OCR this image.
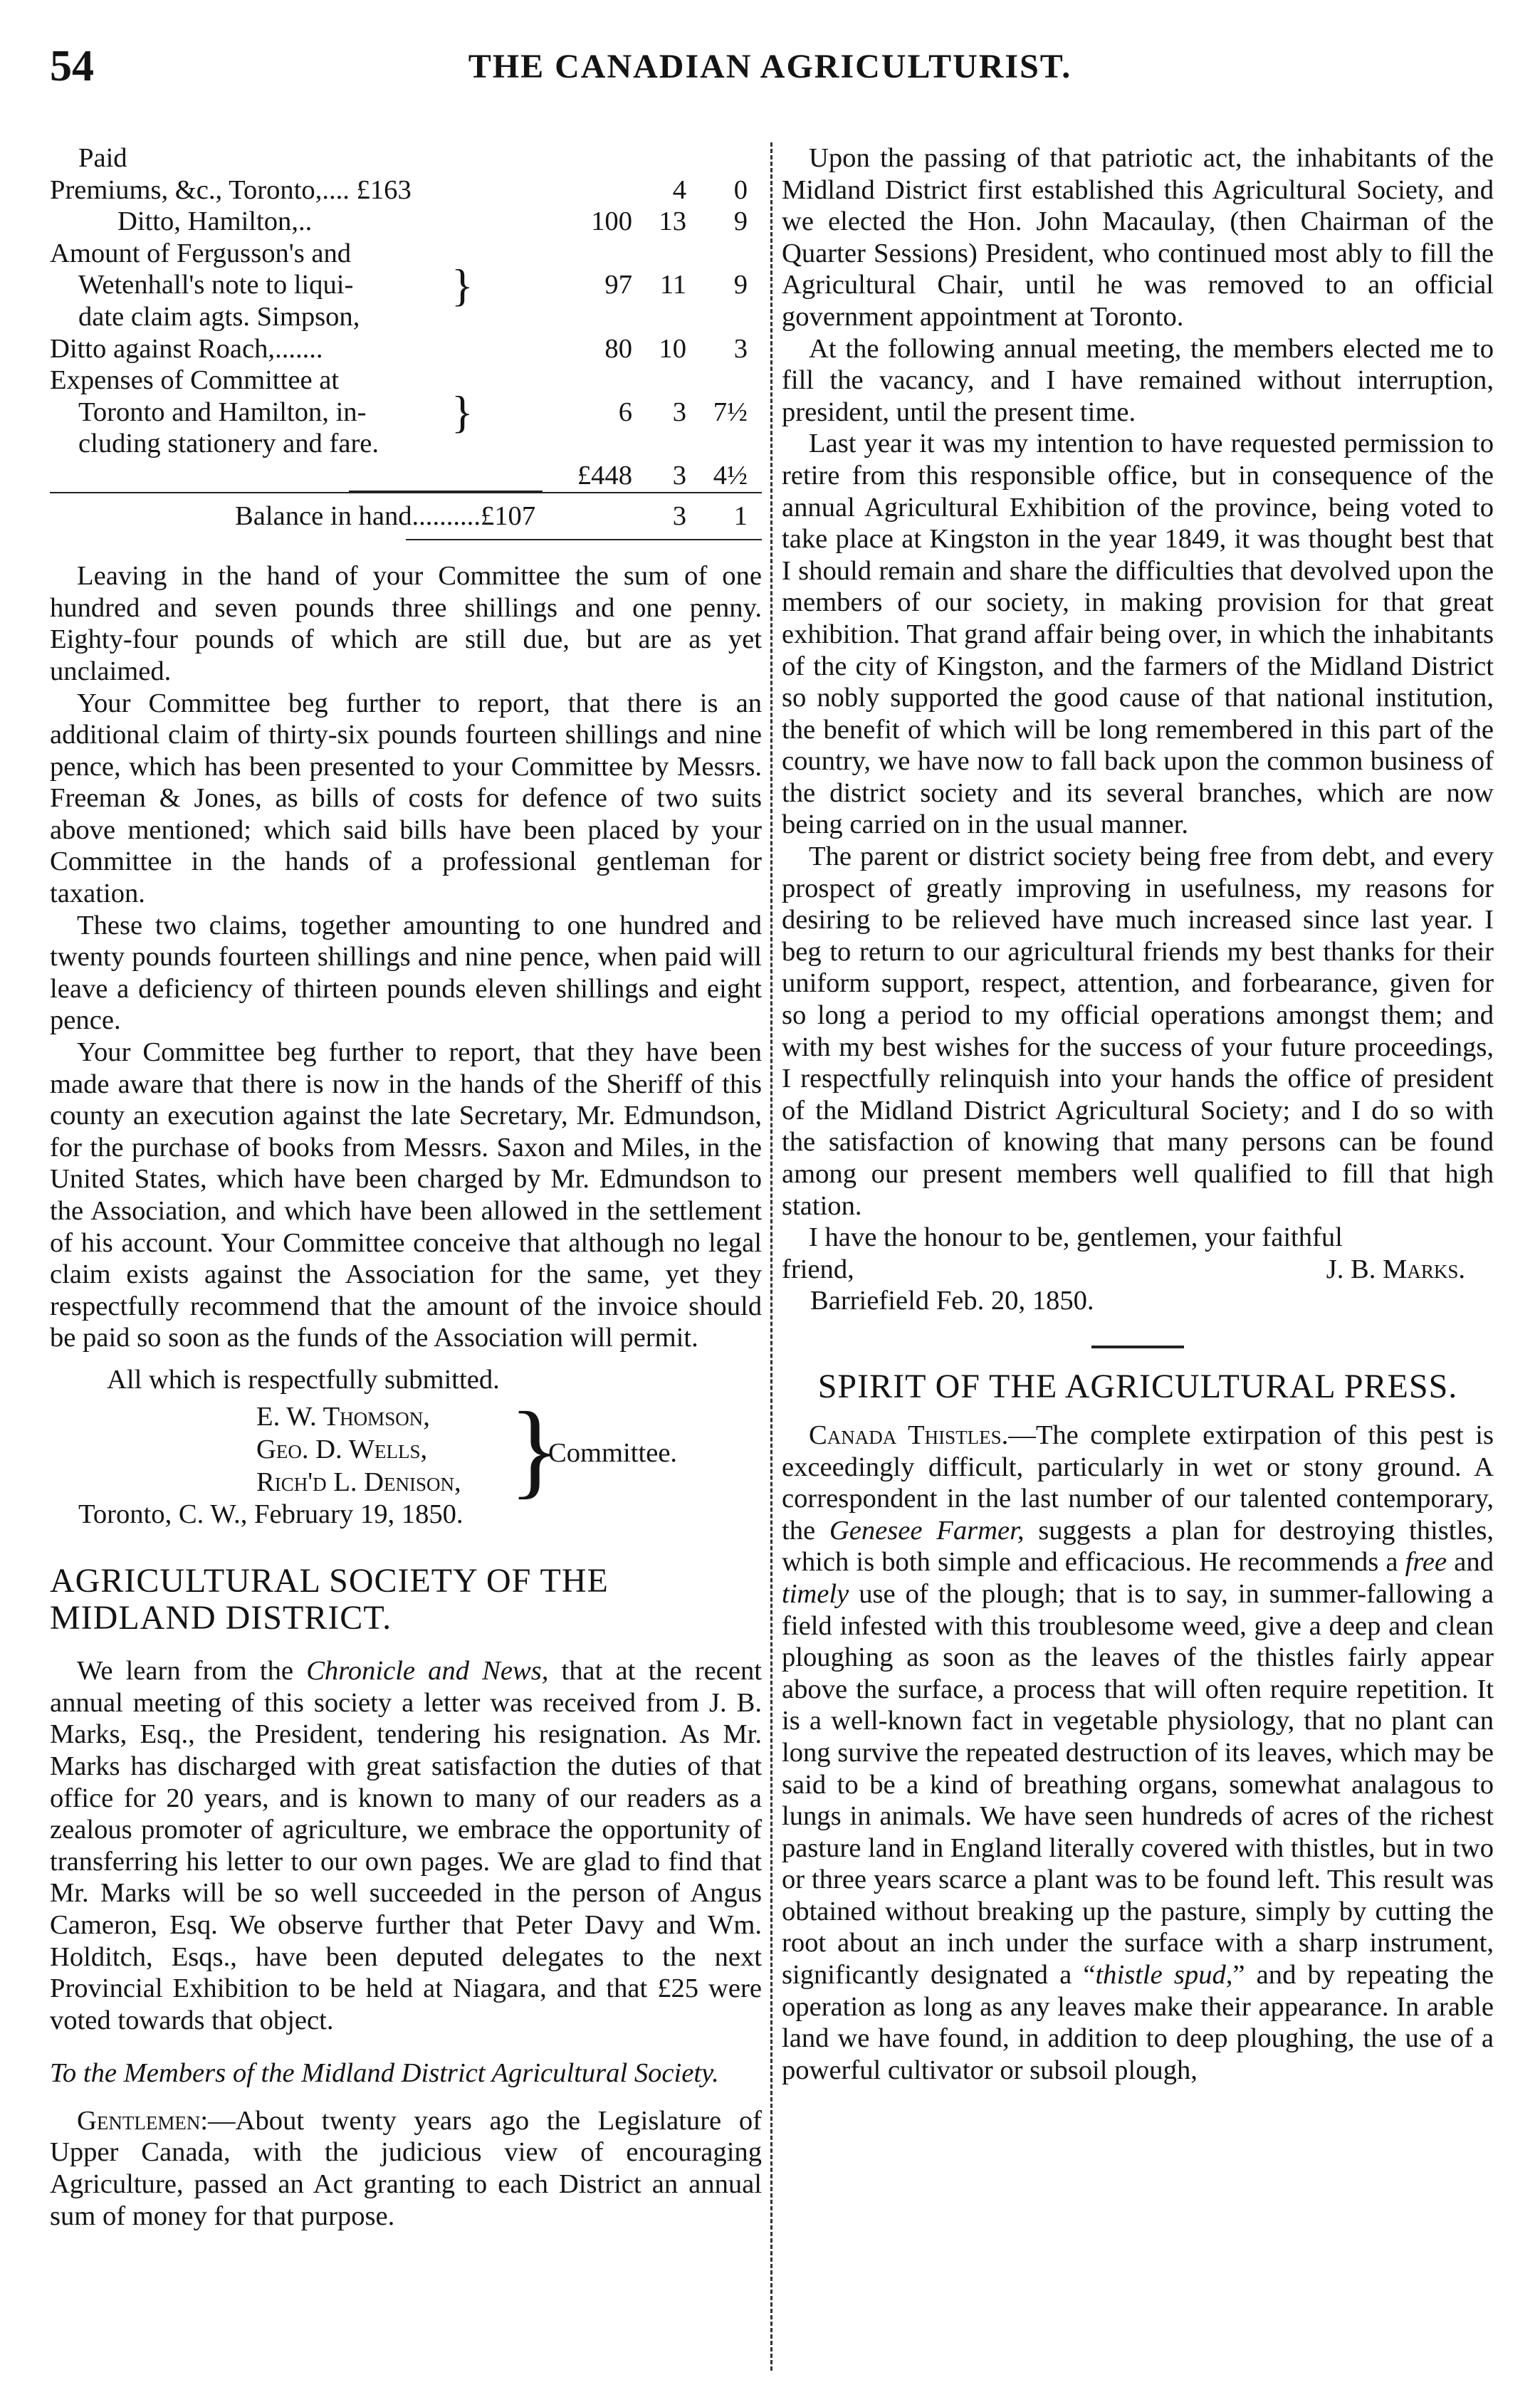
54	THE CANADIAN AGRICULTURIST.
Paid					
Premiums, &c., Toronto,.... £163			4	0	
Ditto, Hamilton,..		100	13	9	

Amount of Fergusson's and
Wetenhall's note to liqui-
date claim agts. Simpson,	}	97	11	9	
Ditto against Roach,.......		80	10	3	

Expenses of Committee at
Toronto and Hamilton, in-
cluding stationery and fare.	}	6	3	7½	

		£448	3	4½	
Balance in hand..........£107			3	1	

Leaving in the hand of your Committee the sum of one hundred and seven pounds three shillings and one penny. Eighty-four pounds of which are still due, but are as yet unclaimed.

Your Committee beg further to report, that there is an additional claim of thirty-six pounds fourteen shillings and nine pence, which has been presented to your Committee by Messrs. Freeman & Jones, as bills of costs for defence of two suits above mentioned; which said bills have been placed by your Committee in the hands of a professional gentleman for taxation.

These two claims, together amounting to one hundred and twenty pounds fourteen shillings and nine pence, when paid will leave a deficiency of thirteen pounds eleven shillings and eight pence.

Your Committee beg further to report, that they have been made aware that there is now in the hands of the Sheriff of this county an execution against the late Secretary, Mr. Edmundson, for the purchase of books from Messrs. Saxon and Miles, in the United States, which have been charged by Mr. Edmundson to the Association, and which have been allowed in the settlement of his account. Your Committee conceive that although no legal claim exists against the Association for the same, yet they respectfully recommend that the amount of the invoice should be paid so soon as the funds of the Association will permit.

All which is respectfully submitted.

E. W. Thomson,
Geo. D. Wells,
Rich'd L. Denison, }
Committee.

Toronto, C. W., February 19, 1850.

AGRICULTURAL SOCIETY OF THE MIDLAND DISTRICT.

We learn from the Chronicle and News, that at the recent annual meeting of this society a letter was received from J. B. Marks, Esq., the President, tendering his resignation. As Mr. Marks has discharged with great satisfaction the duties of that office for 20 years, and is known to many of our readers as a zealous promoter of agriculture, we embrace the opportunity of transferring his letter to our own pages. We are glad to find that Mr. Marks will be so well succeeded in the person of Angus Cameron, Esq. We observe further that Peter Davy and Wm. Holditch, Esqs., have been deputed delegates to the next Provincial Exhibition to be held at Niagara, and that £25 were voted towards that object.

To the Members of the Midland District Agricultural Society.

Gentlemen:—About twenty years ago the Legislature of Upper Canada, with the judicious view of encouraging Agriculture, passed an Act granting to each District an annual sum of money for that purpose.

Upon the passing of that patriotic act, the inhabitants of the Midland District first established this Agricultural Society, and we elected the Hon. John Macaulay, (then Chairman of the Quarter Sessions) President, who continued most ably to fill the Agricultural Chair, until he was removed to an official government appointment at Toronto.

At the following annual meeting, the members elected me to fill the vacancy, and I have remained without interruption, president, until the present time.

Last year it was my intention to have requested permission to retire from this responsible office, but in consequence of the annual Agricultural Exhibition of the province, being voted to take place at Kingston in the year 1849, it was thought best that I should remain and share the difficulties that devolved upon the members of our society, in making provision for that great exhibition. That grand affair being over, in which the inhabitants of the city of Kingston, and the farmers of the Midland District so nobly supported the good cause of that national institution, the benefit of which will be long remembered in this part of the country, we have now to fall back upon the common business of the district society and its several branches, which are now being carried on in the usual manner.

The parent or district society being free from debt, and every prospect of greatly improving in usefulness, my reasons for desiring to be relieved have much increased since last year. I beg to return to our agricultural friends my best thanks for their uniform support, respect, attention, and forbearance, given for so long a period to my official operations amongst them; and with my best wishes for the success of your future proceedings, I respectfully relinquish into your hands the office of president of the Midland District Agricultural Society; and I do so with the satisfaction of knowing that many persons can be found among our present members well qualified to fill that high station.

I have the honour to be, gentlemen, your faithful

friend,	J. B. Marks.

Barriefield Feb. 20, 1850.

SPIRIT OF THE AGRICULTURAL PRESS.

Canada Thistles.—The complete extirpation of this pest is exceedingly difficult, particularly in wet or stony ground. A correspondent in the last number of our talented contemporary, the Genesee Farmer, suggests a plan for destroying thistles, which is both simple and efficacious. He recommends a free and timely use of the plough; that is to say, in summer-fallowing a field infested with this troublesome weed, give a deep and clean ploughing as soon as the leaves of the thistles fairly appear above the surface, a process that will often require repetition. It is a well-known fact in vegetable physiology, that no plant can long survive the repeated destruction of its leaves, which may be said to be a kind of breathing organs, somewhat analagous to lungs in animals. We have seen hundreds of acres of the richest pasture land in England literally covered with thistles, but in two or three years scarce a plant was to be found left. This result was obtained without breaking up the pasture, simply by cutting the root about an inch under the surface with a sharp instrument, significantly designated a “thistle spud,” and by repeating the operation as long as any leaves make their appearance. In arable land we have found, in addition to deep ploughing, the use of a powerful cultivator or subsoil plough,
